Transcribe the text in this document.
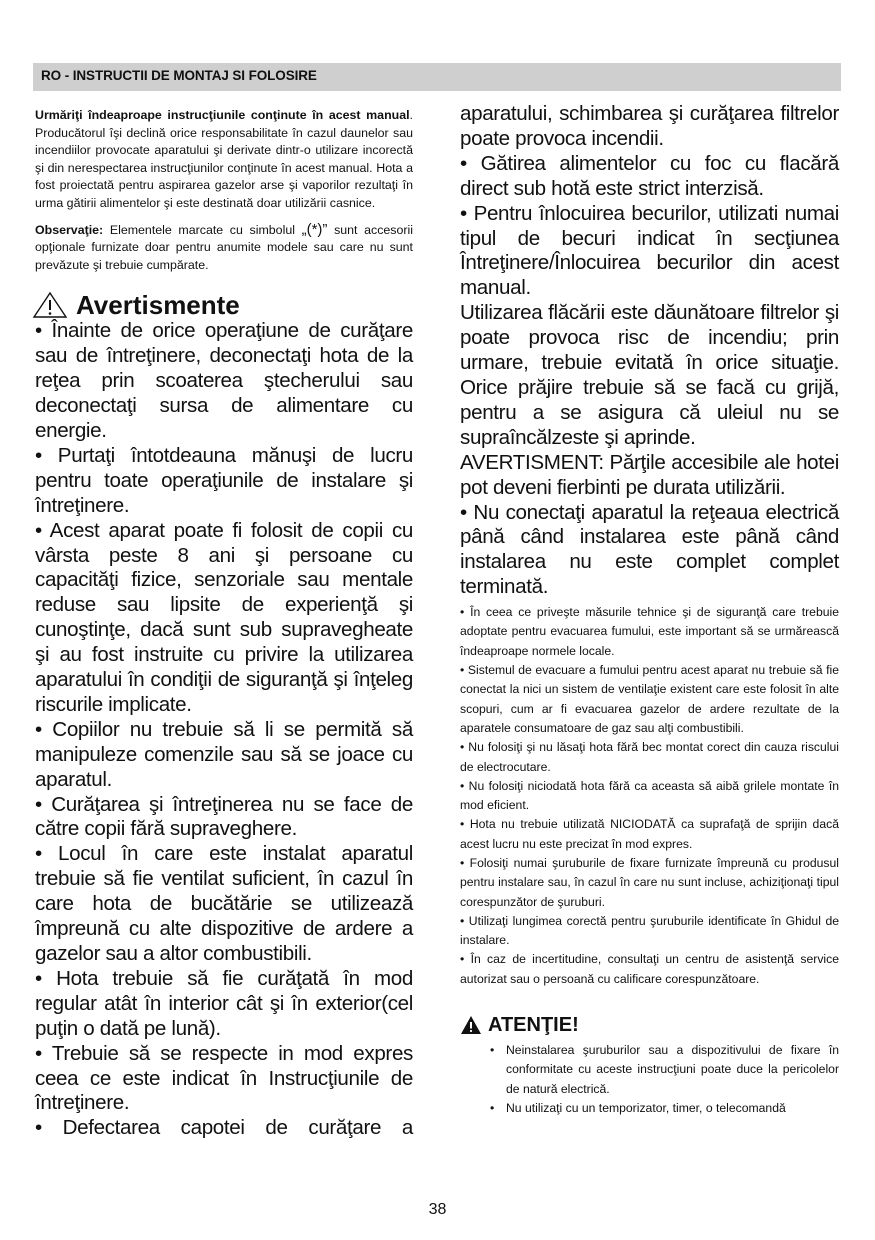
RO - INSTRUCTII DE MONTAJ SI FOLOSIRE

Urmăriţi îndeaproape instrucţiunile conţinute în acest manual. Producătorul îşi declină orice responsabilitate în cazul daunelor sau incendiilor provocate aparatului şi derivate dintr-o utilizare incorectă şi din nerespectarea instrucţiunilor conţinute în acest manual. Hota a fost proiectată pentru aspirarea gazelor arse şi vaporilor rezultaţi în urma gătirii alimentelor şi este destinată doar utilizării casnice.

Observaţie: Elementele marcate cu simbolul „(*)” sunt accesorii opţionale furnizate doar pentru anumite modele sau care nu sunt prevăzute şi trebuie cumpărate.

Avertismente

• Înainte de orice operaţiune de curăţare sau de întreţinere, deconectaţi hota de la reţea prin scoaterea ştecherului sau deconectaţi sursa de alimentare cu energie.

• Purtaţi întotdeauna mănuşi de lucru pentru toate operaţiunile de instalare şi întreţinere.

• Acest aparat poate fi folosit de copii cu vârsta peste 8 ani şi persoane cu capacităţi fizice, senzoriale sau mentale reduse sau lipsite de experienţă şi cunoştinţe, dacă sunt sub supravegheate şi au fost instruite cu privire la utilizarea aparatului în condiţii de siguranţă şi înţeleg riscurile implicate.

• Copiilor nu trebuie să li se permită să manipuleze comenzile sau să se joace cu aparatul.

• Curăţarea şi întreţinerea nu se face de către copii fără supraveghere.

• Locul în care este instalat aparatul trebuie să fie ventilat suficient, în cazul în care hota de bucătărie se utilizează împreună cu alte dispozitive de ardere a gazelor sau a altor combustibili.

• Hota trebuie să fie curăţată în mod regular atât în interior cât şi în exterior(cel puţin o dată pe lună).

• Trebuie să se respecte in mod expres ceea ce este indicat în Instrucţiunile de întreţinere.

• Defectarea capotei de curăţare a

aparatului, schimbarea şi curăţarea filtrelor poate provoca incendii.

• Gătirea alimentelor cu foc cu flacără direct sub hotă este strict interzisă.

• Pentru înlocuirea becurilor, utilizati numai tipul de becuri indicat în secţiunea Întreţinere/Înlocuirea becurilor din acest manual.

Utilizarea flăcării este dăunătoare filtrelor şi poate provoca risc de incendiu; prin urmare, trebuie evitată în orice situaţie. Orice prăjire trebuie să se facă cu grijă, pentru a se asigura că uleiul nu se supraîncălzeste şi aprinde.

AVERTISMENT: Părţile accesibile ale hotei pot deveni fierbinti pe durata utilizării.

• Nu conectaţi aparatul la reţeaua electrică până când instalarea este până când instalarea nu este complet complet terminată.

• În ceea ce priveşte măsurile tehnice şi de siguranţă care trebuie adoptate pentru evacuarea fumului, este important să se urmărească îndeaproape normele locale.

• Sistemul de evacuare a fumului pentru acest aparat nu trebuie să fie conectat la nici un sistem de ventilaţie existent care este folosit în alte scopuri, cum ar fi evacuarea gazelor de ardere rezultate de la aparatele consumatoare de gaz sau alţi combustibili.

• Nu folosiţi şi nu lăsaţi hota fără bec montat corect din cauza riscului de electrocutare.

• Nu folosiţi niciodată hota fără ca aceasta să aibă grilele montate în mod eficient.

• Hota nu trebuie utilizată NICIODATĂ ca suprafaţă de sprijin dacă acest lucru nu este precizat în mod expres.

• Folosiţi numai şuruburile de fixare furnizate împreună cu produsul pentru instalare sau, în cazul în care nu sunt incluse, achiziţionaţi tipul corespunzător de şuruburi.

• Utilizaţi lungimea corectă pentru şuruburile identificate în Ghidul de instalare.

• În caz de incertitudine, consultaţi un centru de asistenţă service autorizat sau o persoană cu calificare corespunzătoare.

ATENŢIE!

• Neinstalarea şuruburilor sau a dispozitivului de fixare în conformitate cu aceste instrucţiuni poate duce la pericolelor de natură electrică.

• Nu utilizaţi cu un temporizator, timer, o telecomandă

38
